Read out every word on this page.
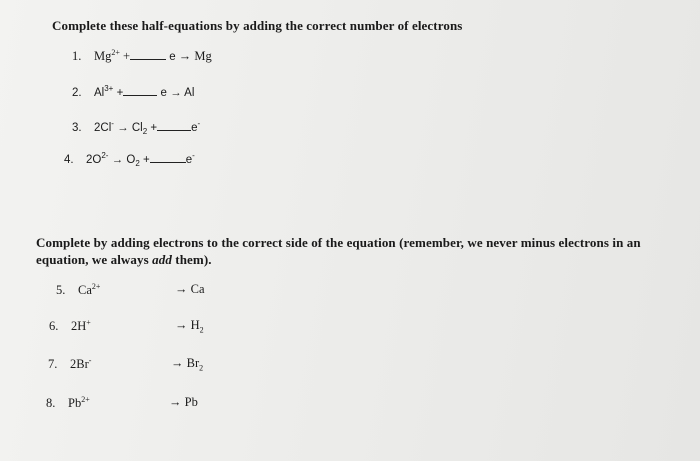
Complete these half-equations by adding the correct number of electrons
1. $Mg^{2+}$ +	e → Mg
2. $Al^{3+}$ +	e → Al
3. $2Cl^- \to Cl_2$ +	e-
4. $2O^{2-} \to O_2$ +	e-
Complete by adding electrons to the correct side of the equation (remember, we never minus electrons in an equation, we always add them).
5. $Ca^{2+}$	→ Ca
6. 2H+	→ $H_2$
7. 2Br-	→ $Br_2$
8. $Pb^{2+}$	→ Pb
